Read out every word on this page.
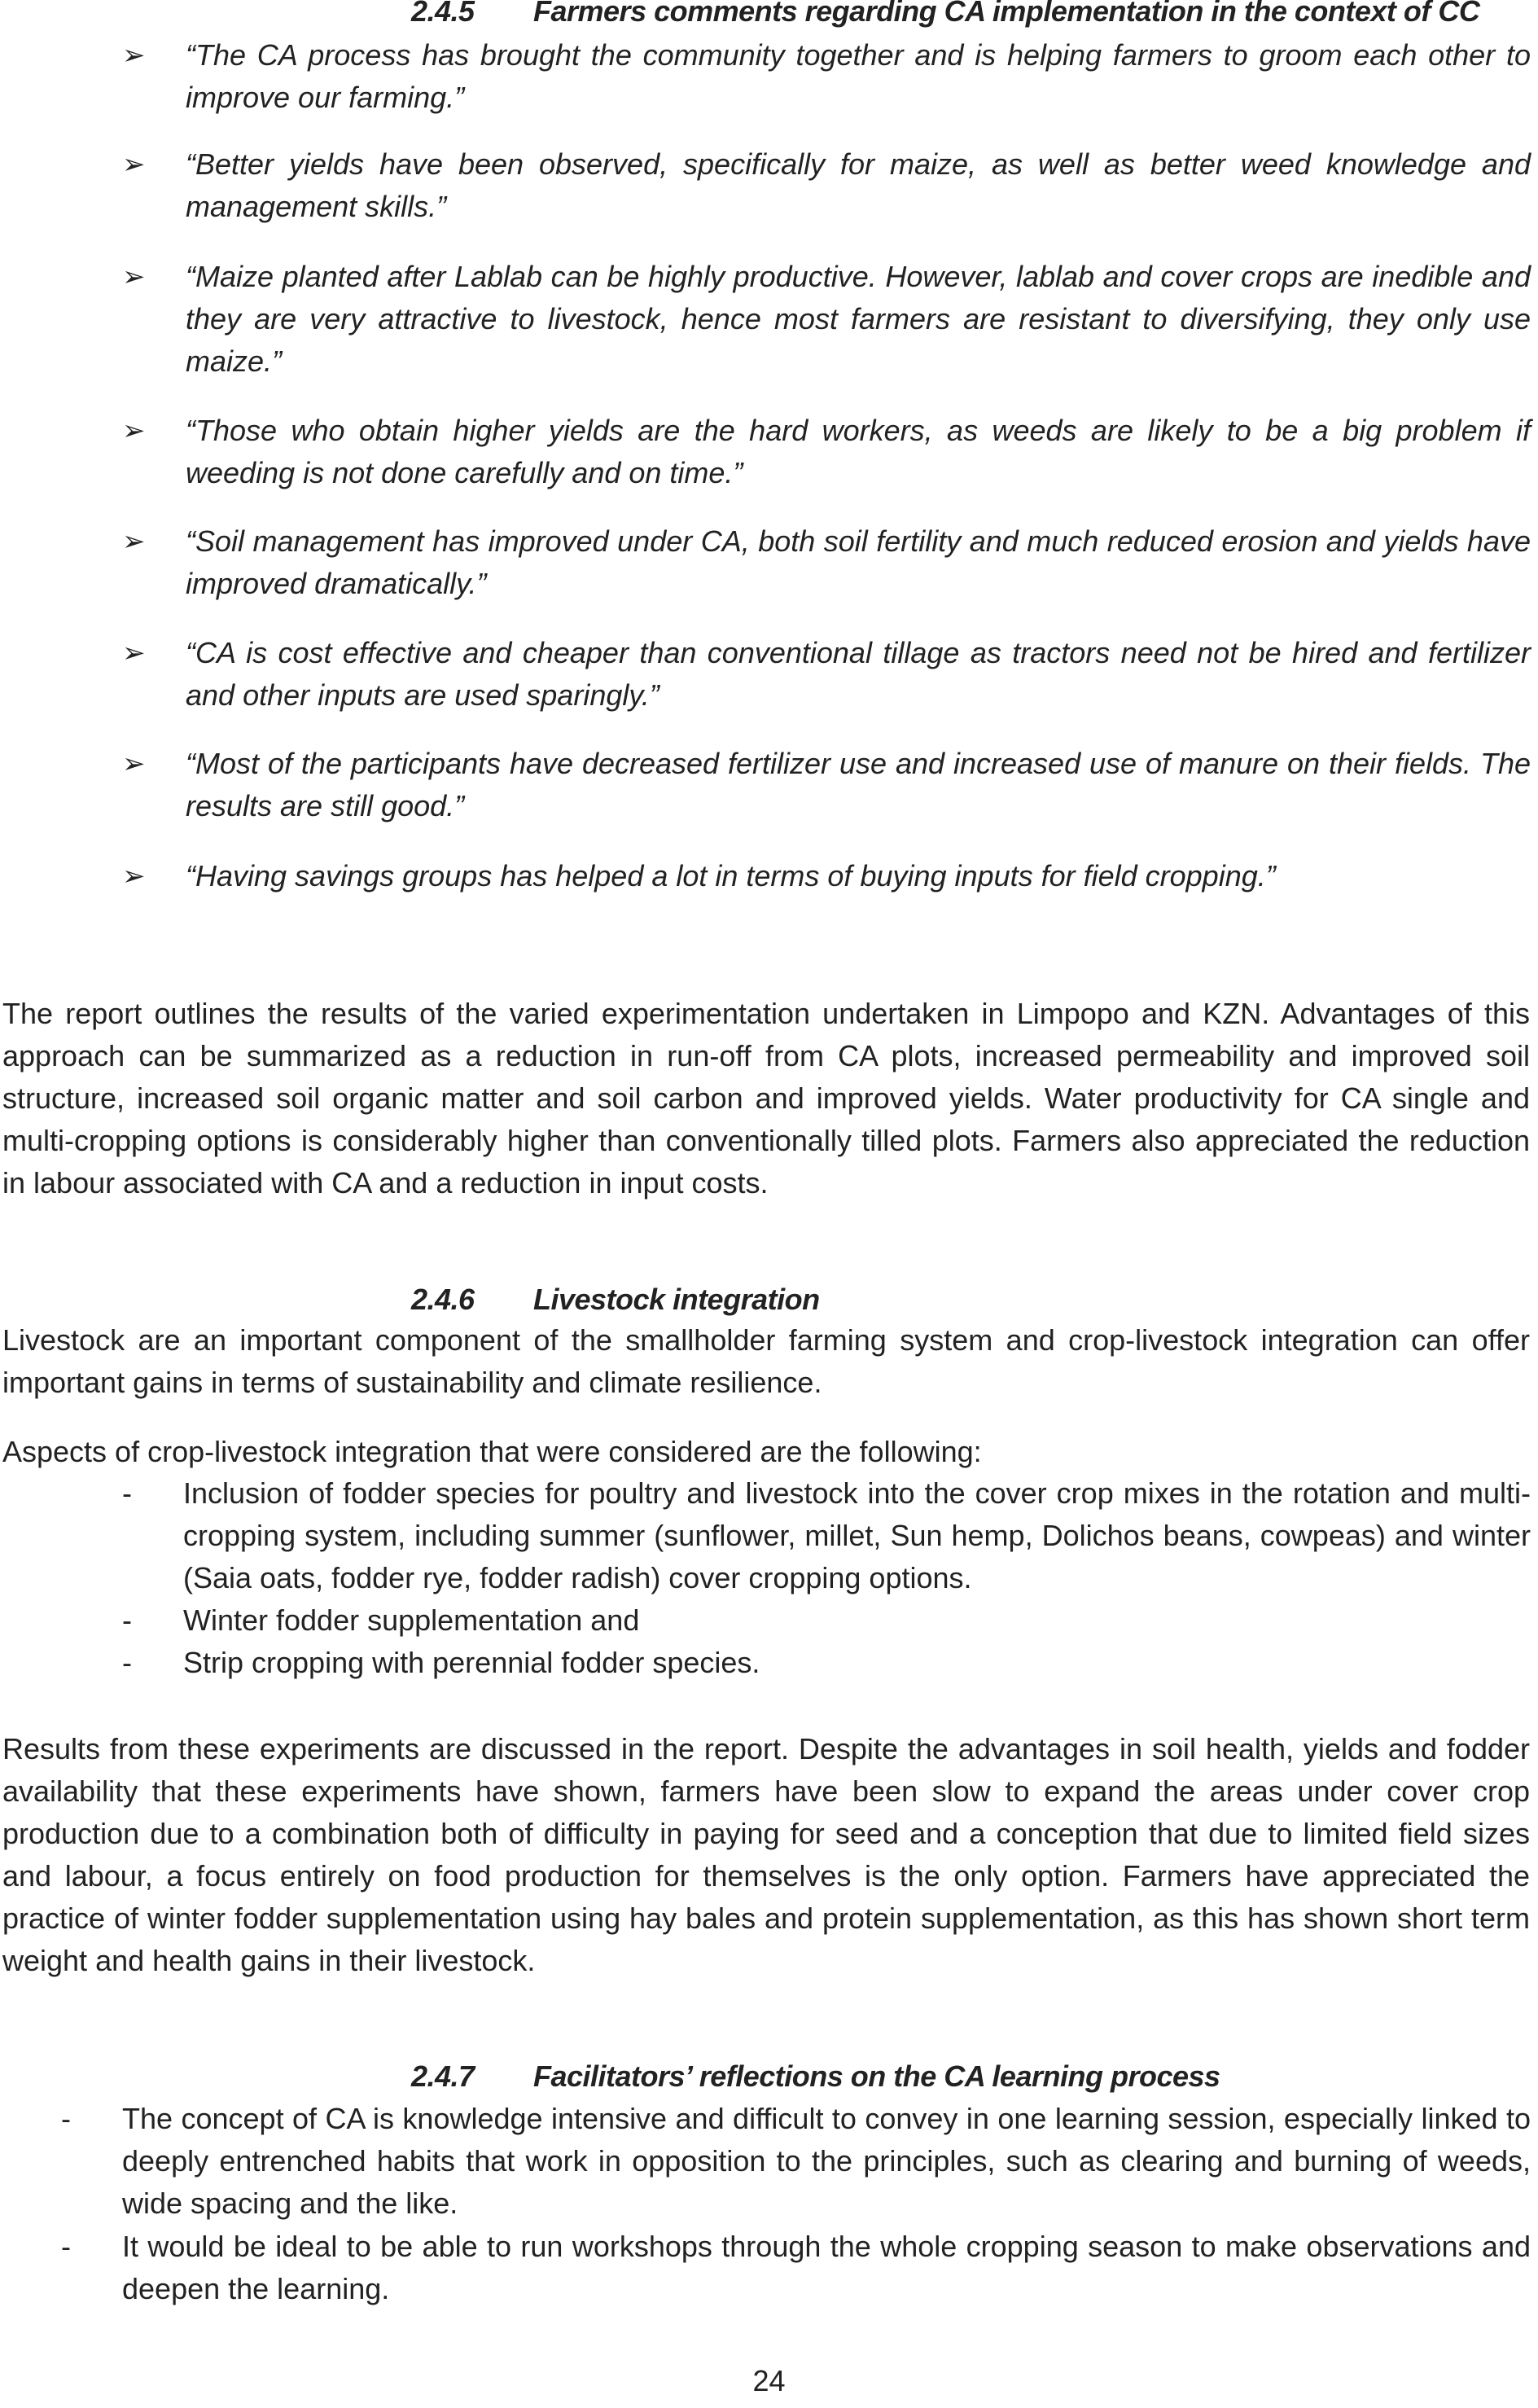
2.4.5 Farmers comments regarding CA implementation in the context of CC
➢ “The CA process has brought the community together and is helping farmers to groom each other to improve our farming.”
➢ “Better yields have been observed, specifically for maize, as well as better weed knowledge and management skills.”
➢ “Maize planted after Lablab can be highly productive. However, lablab and cover crops are inedible and they are very attractive to livestock, hence most farmers are resistant to diversifying, they only use maize.”
➢ “Those who obtain higher yields are the hard workers, as weeds are likely to be a big problem if weeding is not done carefully and on time.”
➢ “Soil management has improved under CA, both soil fertility and much reduced erosion and yields have improved dramatically.”
➢ “CA is cost effective and cheaper than conventional tillage as tractors need not be hired and fertilizer and other inputs are used sparingly.”
➢ “Most of the participants have decreased fertilizer use and increased use of manure on their fields. The results are still good.”
➢ “Having savings groups has helped a lot in terms of buying inputs for field cropping.”
The report outlines the results of the varied experimentation undertaken in Limpopo and KZN. Advantages of this approach can be summarized as a reduction in run-off from CA plots, increased permeability and improved soil structure, increased soil organic matter and soil carbon and improved yields. Water productivity for CA single and multi-cropping options is considerably higher than conventionally tilled plots. Farmers also appreciated the reduction in labour associated with CA and a reduction in input costs.
2.4.6 Livestock integration
Livestock are an important component of the smallholder farming system and crop-livestock integration can offer important gains in terms of sustainability and climate resilience.
Aspects of crop-livestock integration that were considered are the following:
- Inclusion of fodder species for poultry and livestock into the cover crop mixes in the rotation and multi-cropping system, including summer (sunflower, millet, Sun hemp, Dolichos beans, cowpeas) and winter (Saia oats, fodder rye, fodder radish) cover cropping options.
- Winter fodder supplementation and
- Strip cropping with perennial fodder species.
Results from these experiments are discussed in the report. Despite the advantages in soil health, yields and fodder availability that these experiments have shown, farmers have been slow to expand the areas under cover crop production due to a combination both of difficulty in paying for seed and a conception that due to limited field sizes and labour, a focus entirely on food production for themselves is the only option. Farmers have appreciated the practice of winter fodder supplementation using hay bales and protein supplementation, as this has shown short term weight and health gains in their livestock.
2.4.7 Facilitators’ reflections on the CA learning process
- The concept of CA is knowledge intensive and difficult to convey in one learning session, especially linked to deeply entrenched habits that work in opposition to the principles, such as clearing and burning of weeds, wide spacing and the like.
- It would be ideal to be able to run workshops through the whole cropping season to make observations and deepen the learning.
24
